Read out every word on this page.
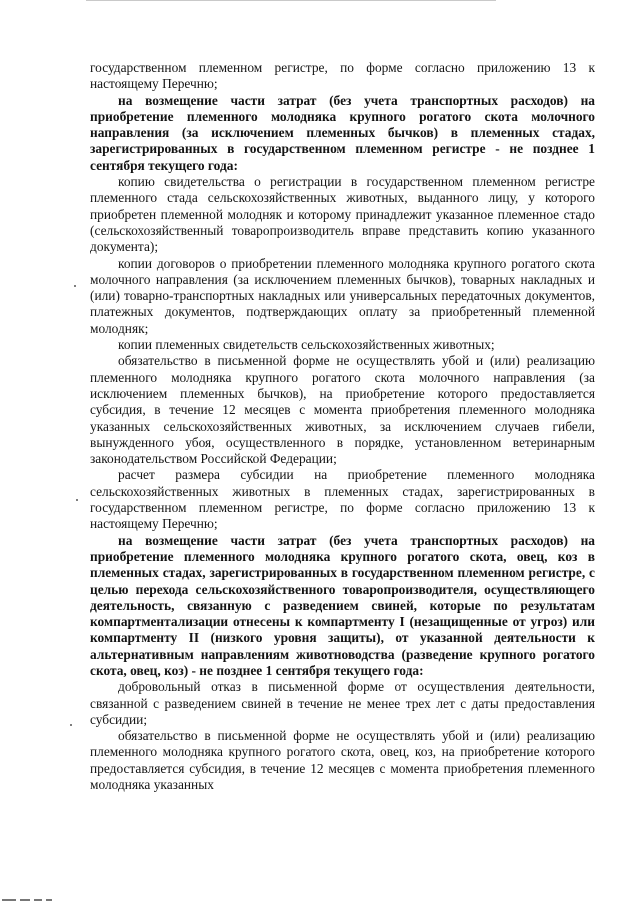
государственном племенном регистре, по форме согласно приложению 13 к настоящему Перечню;

на возмещение части затрат (без учета транспортных расходов) на приобретение племенного молодняка крупного рогатого скота молочного направления (за исключением племенных бычков) в племенных стадах, зарегистрированных в государственном племенном регистре - не позднее 1 сентября текущего года:

копию свидетельства о регистрации в государственном племенном регистре племенного стада сельскохозяйственных животных, выданного лицу, у которого приобретен племенной молодняк и которому принадлежит указанное племенное стадо (сельскохозяйственный товаропроизводитель вправе представить копию указанного документа);

копии договоров о приобретении племенного молодняка крупного рогатого скота молочного направления (за исключением племенных бычков), товарных накладных и (или) товарно-транспортных накладных или универсальных передаточных документов, платежных документов, подтверждающих оплату за приобретенный племенной молодняк;

копии племенных свидетельств сельскохозяйственных животных;

обязательство в письменной форме не осуществлять убой и (или) реализацию племенного молодняка крупного рогатого скота молочного направления (за исключением племенных бычков), на приобретение которого предоставляется субсидия, в течение 12 месяцев с момента приобретения племенного молодняка указанных сельскохозяйственных животных, за исключением случаев гибели, вынужденного убоя, осуществленного в порядке, установленном ветеринарным законодательством Российской Федерации;

расчет размера субсидии на приобретение племенного молодняка сельскохозяйственных животных в племенных стадах, зарегистрированных в государственном племенном регистре, по форме согласно приложению 13 к настоящему Перечню;

на возмещение части затрат (без учета транспортных расходов) на приобретение племенного молодняка крупного рогатого скота, овец, коз в племенных стадах, зарегистрированных в государственном племенном регистре, с целью перехода сельскохозяйственного товаропроизводителя, осуществляющего деятельность, связанную с разведением свиней, которые по результатам компартментализации отнесены к компартменту I (незащищенные от угроз) или компартменту II (низкого уровня защиты), от указанной деятельности к альтернативным направлениям животноводства (разведение крупного рогатого скота, овец, коз) - не позднее 1 сентября текущего года:

добровольный отказ в письменной форме от осуществления деятельности, связанной с разведением свиней в течение не менее трех лет с даты предоставления субсидии;

обязательство в письменной форме не осуществлять убой и (или) реализацию племенного молодняка крупного рогатого скота, овец, коз, на приобретение которого предоставляется субсидия, в течение 12 месяцев с момента приобретения племенного молодняка указанных
